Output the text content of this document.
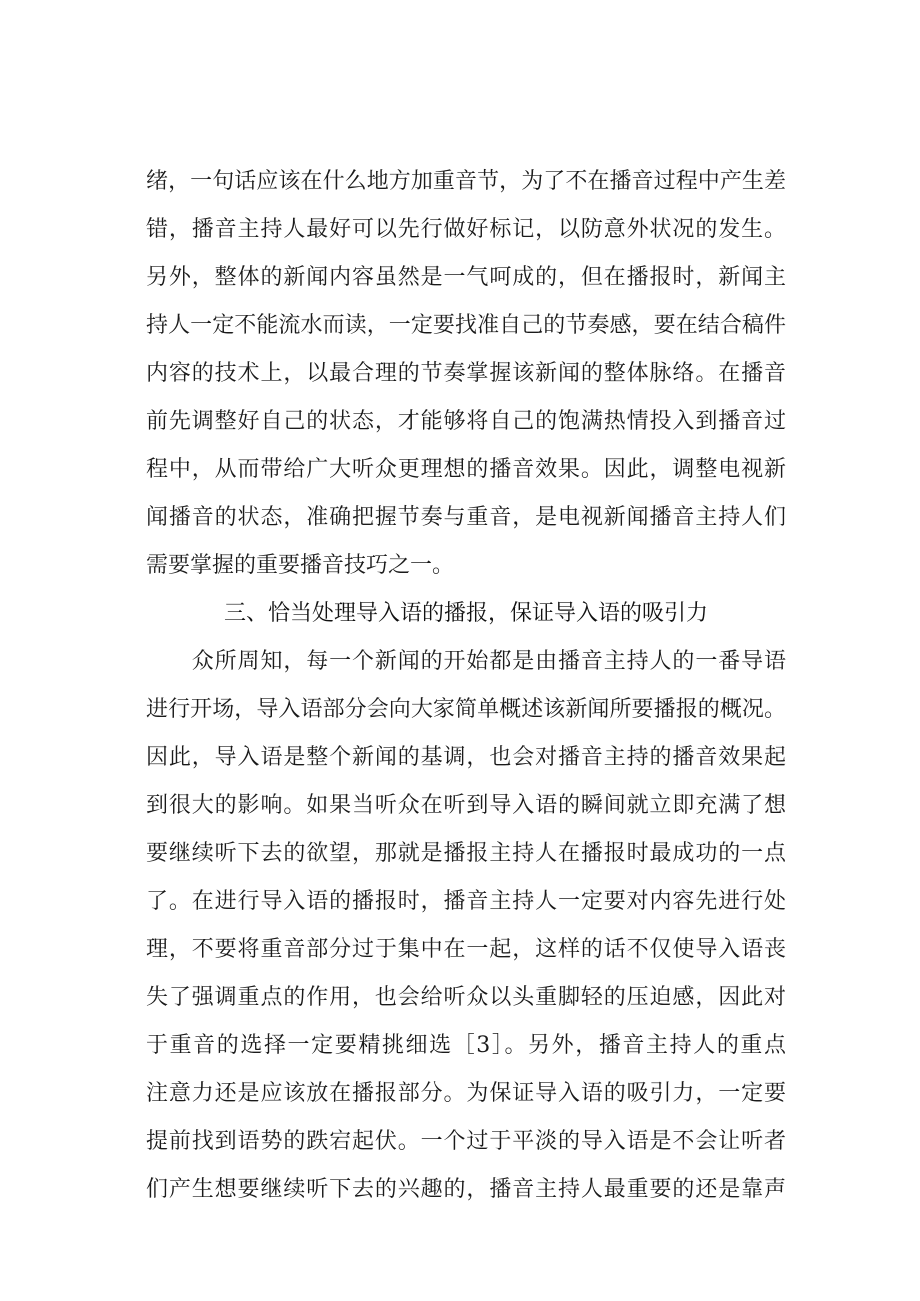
绪，一句话应该在什么地方加重音节，为了不在播音过程中产生差
错，播音主持人最好可以先行做好标记，以防意外状况的发生。
另外，整体的新闻内容虽然是一气呵成的，但在播报时，新闻主
持人一定不能流水而读，一定要找准自己的节奏感，要在结合稿件
内容的技术上，以最合理的节奏掌握该新闻的整体脉络。在播音
前先调整好自己的状态，才能够将自己的饱满热情投入到播音过
程中，从而带给广大听众更理想的播音效果。因此，调整电视新
闻播音的状态，准确把握节奏与重音，是电视新闻播音主持人们
需要掌握的重要播音技巧之一。
三、恰当处理导入语的播报，保证导入语的吸引力
　　众所周知，每一个新闻的开始都是由播音主持人的一番导语
进行开场，导入语部分会向大家简单概述该新闻所要播报的概况。
因此，导入语是整个新闻的基调，也会对播音主持的播音效果起
到很大的影响。如果当听众在听到导入语的瞬间就立即充满了想
要继续听下去的欲望，那就是播报主持人在播报时最成功的一点
了。在进行导入语的播报时，播音主持人一定要对内容先进行处
理，不要将重音部分过于集中在一起，这样的话不仅使导入语丧
失了强调重点的作用，也会给听众以头重脚轻的压迫感，因此对
于重音的选择一定要精挑细选［3］。另外，播音主持人的重点
注意力还是应该放在播报部分。为保证导入语的吸引力，一定要
提前找到语势的跌宕起伏。一个过于平淡的导入语是不会让听者
们产生想要继续听下去的兴趣的，播音主持人最重要的还是靠声
